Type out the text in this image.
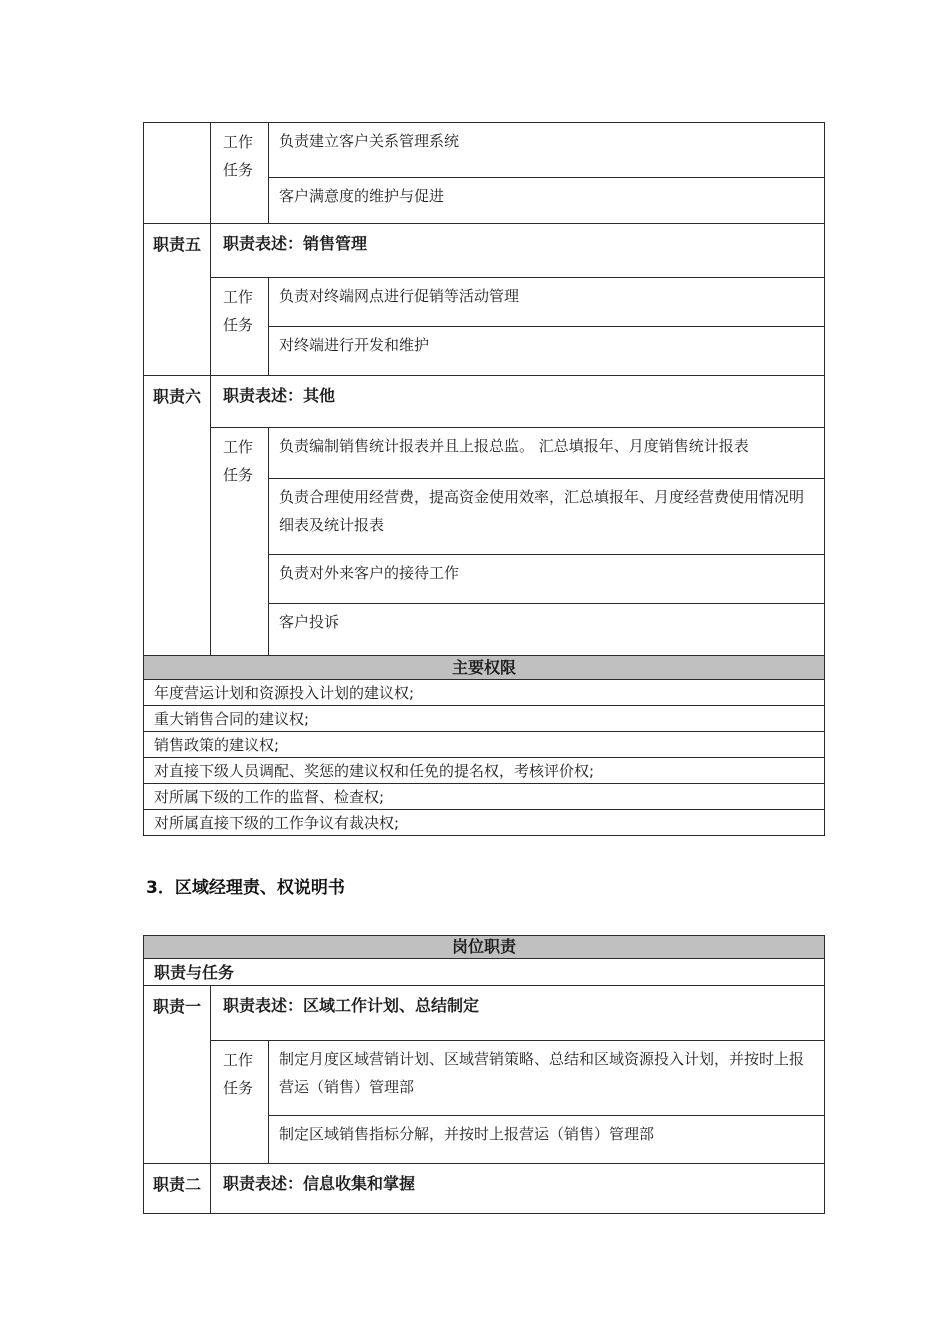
	工作任务	负责建立客户关系管理系统
		客户满意度的维护与促进
职责五	职责表述：销售管理	
	工作任务	负责对终端网点进行促销等活动管理
		对终端进行开发和维护
职责六	职责表述：其他	
	工作任务	负责编制销售统计报表并且上报总监。 汇总填报年、月度销售统计报表
		负责合理使用经营费，提高资金使用效率，汇总填报年、月度经营费使用情况明细表及统计报表
		负责对外来客户的接待工作
		客户投诉
主要权限		
年度营运计划和资源投入计划的建议权;		
重大销售合同的建议权;		
销售政策的建议权;		
对直接下级人员调配、奖惩的建议权和任免的提名权，考核评价权;		
对所属下级的工作的监督、检查权;		
对所属直接下级的工作争议有裁决权;		
3．区域经理责、权说明书
岗位职责		
职责与任务		
职责一	职责表述：区域工作计划、总结制定	
	工作任务	制定月度区域营销计划、区域营销策略、总结和区域资源投入计划，并按时上报营运（销售）管理部
		制定区域销售指标分解，并按时上报营运（销售）管理部
职责二	职责表述：信息收集和掌握	
